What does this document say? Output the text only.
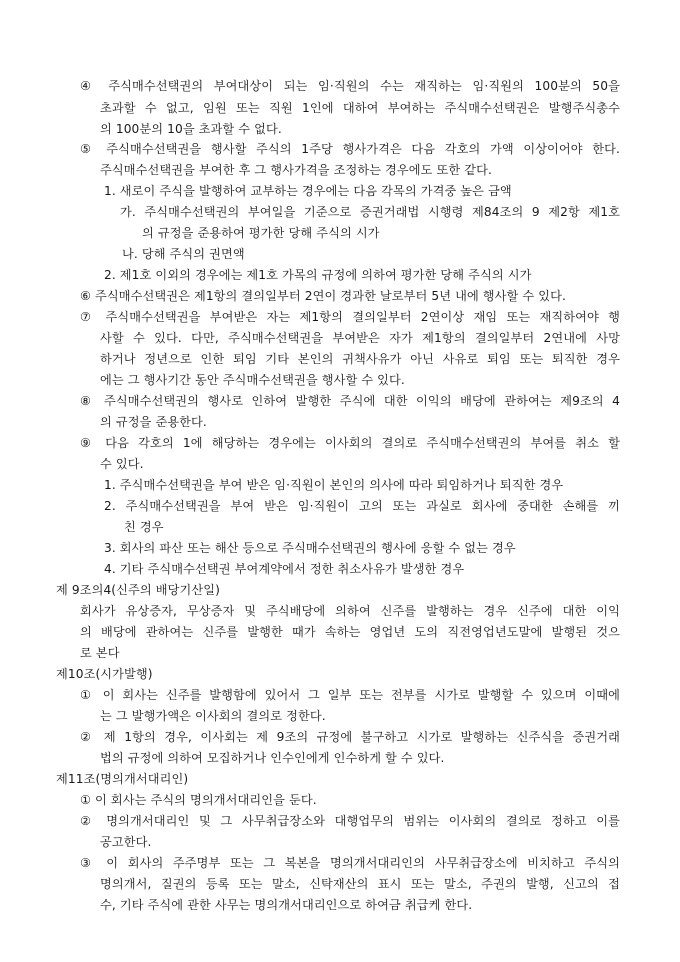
④ 주식매수선택권의 부여대상이 되는 임·직원의 수는 재직하는 임·직원의 100분의 50을
초과할 수 없고, 임원 또는 직원 1인에 대하여 부여하는 주식매수선택권은 발행주식총수
의 100분의 10을 초과할 수 없다.
⑤ 주식매수선택권을 행사할 주식의 1주당 행사가격은 다음 각호의 가액 이상이어야 한다.
주식매수선택권을 부여한 후 그 행사가격을 조정하는 경우에도 또한 같다.
1. 새로이 주식을 발행하여 교부하는 경우에는 다음 각목의 가격중 높은 금액
가. 주식매수선택권의 부여일을 기준으로 증권거래법 시행령 제84조의 9 제2항 제1호
의 규정을 준용하여 평가한 당해 주식의 시가
나. 당해 주식의 권면액
2. 제1호 이외의 경우에는 제1호 가목의 규정에 의하여 평가한 당해 주식의 시가
⑥ 주식매수선택권은 제1항의 결의일부터 2연이 경과한 날로부터 5년 내에 행사할 수 있다.
⑦ 주식매수선택권을 부여받은 자는 제1항의 결의일부터 2연이상 재임 또는 재직하여야 행
사할 수 있다. 다만, 주식매수선택권을 부여받은 자가 제1항의 결의일부터 2연내에 사망
하거나 정년으로 인한 퇴임 기타 본인의 귀책사유가 아닌 사유로 퇴임 또는 퇴직한 경우
에는 그 행사기간 동안 주식매수선택권을 행사할 수 있다.
⑧ 주식매수선택권의 행사로 인하여 발행한 주식에 대한 이익의 배당에 관하여는 제9조의 4
의 규정을 준용한다.
⑨ 다음 각호의 1에 해당하는 경우에는 이사회의 결의로 주식매수선택권의 부여를 취소 할
수 있다.
1. 주식매수선택권을 부여 받은 임·직원이 본인의 의사에 따라 퇴임하거나 퇴직한 경우
2. 주식매수선택권을 부여 받은 임·직원이 고의 또는 과실로 회사에 중대한 손해를 끼
친 경우
3. 회사의 파산 또는 해산 등으로 주식매수선택권의 행사에 응할 수 없는 경우
4. 기타 주식매수선택권 부여계약에서 정한 취소사유가 발생한 경우
제 9조의4(신주의 배당기산일)
회사가 유상증자, 무상증자 및 주식배당에 의하여 신주를 발행하는 경우 신주에 대한 이익
의 배당에 관하여는 신주를 발행한 때가 속하는 영업년 도의 직전영업년도말에 발행된 것으
로 본다
제10조(시가발행)
① 이 회사는 신주를 발행함에 있어서 그 일부 또는 전부를 시가로 발행할 수 있으며 이때에
는 그 발행가액은 이사회의 결의로 정한다.
② 제 1항의 경우, 이사회는 제 9조의 규정에 불구하고 시가로 발행하는 신주식을 증권거래
법의 규정에 의하여 모집하거나 인수인에게 인수하게 할 수 있다.
제11조(명의개서대리인)
① 이 회사는 주식의 명의개서대리인을 둔다.
② 명의개서대리인 및 그 사무취급장소와 대행업무의 범위는 이사회의 결의로 정하고 이를
공고한다.
③ 이 회사의 주주명부 또는 그 복본을 명의개서대리인의 사무취급장소에 비치하고 주식의
명의개서, 질권의 등록 또는 말소, 신탁재산의 표시 또는 말소, 주권의 발행, 신고의 접
수, 기타 주식에 관한 사무는 명의개서대리인으로 하여금 취급케 한다.
